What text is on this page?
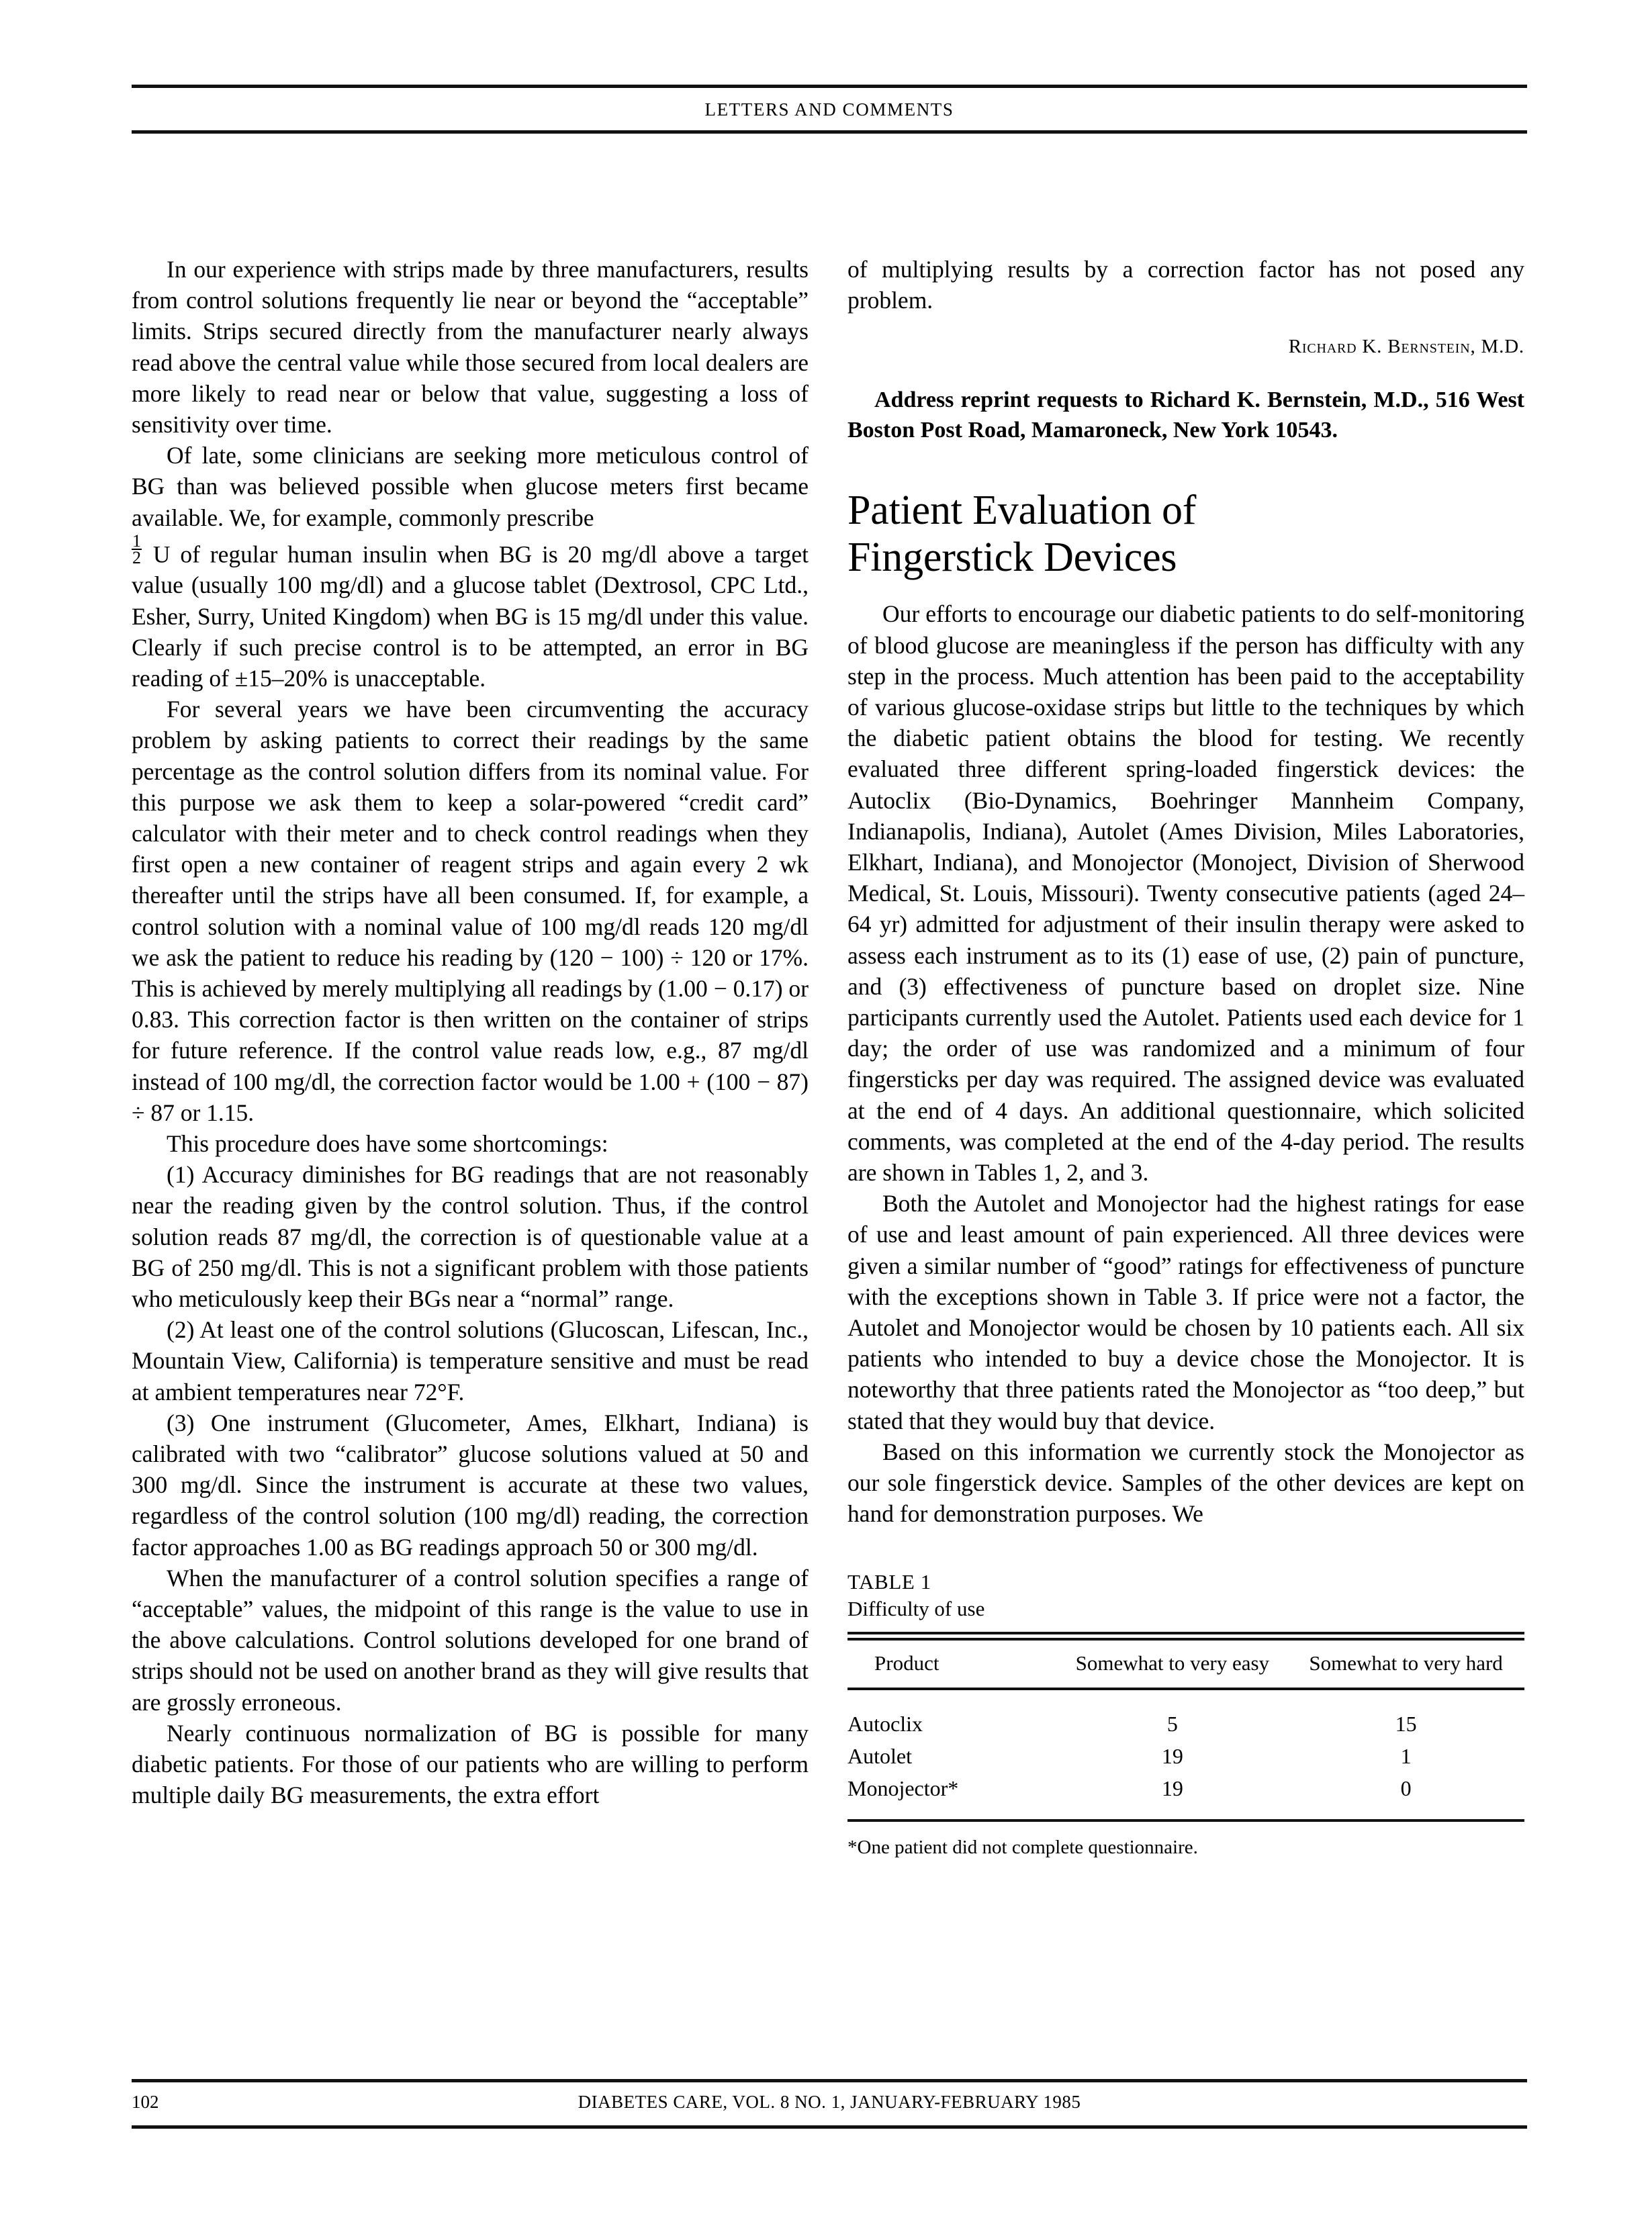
LETTERS AND COMMENTS

In our experience with strips made by three manufacturers, results from control solutions frequently lie near or beyond the “acceptable” limits. Strips secured directly from the manufacturer nearly always read above the central value while those secured from local dealers are more likely to read near or below that value, suggesting a loss of sensitivity over time.

Of late, some clinicians are seeking more meticulous control of BG than was believed possible when glucose meters first became available. We, for example, commonly prescribe

$\frac{1}{2}$ U of regular human insulin when BG is 20 mg/dl above a target value (usually 100 mg/dl) and a glucose tablet (Dextrosol, CPC Ltd., Esher, Surry, United Kingdom) when BG is 15 mg/dl under this value. Clearly if such precise control is to be attempted, an error in BG reading of ±15–20% is unacceptable.

For several years we have been circumventing the accuracy problem by asking patients to correct their readings by the same percentage as the control solution differs from its nominal value. For this purpose we ask them to keep a solar-powered “credit card” calculator with their meter and to check control readings when they first open a new container of reagent strips and again every 2 wk thereafter until the strips have all been consumed. If, for example, a control solution with a nominal value of 100 mg/dl reads 120 mg/dl we ask the patient to reduce his reading by (120 − 100) ÷ 120 or 17%. This is achieved by merely multiplying all readings by (1.00 − 0.17) or 0.83. This correction factor is then written on the container of strips for future reference. If the control value reads low, e.g., 87 mg/dl instead of 100 mg/dl, the correction factor would be 1.00 + (100 − 87) ÷ 87 or 1.15.

This procedure does have some shortcomings:

(1) Accuracy diminishes for BG readings that are not reasonably near the reading given by the control solution. Thus, if the control solution reads 87 mg/dl, the correction is of questionable value at a BG of 250 mg/dl. This is not a significant problem with those patients who meticulously keep their BGs near a “normal” range.

(2) At least one of the control solutions (Glucoscan, Lifescan, Inc., Mountain View, California) is temperature sensitive and must be read at ambient temperatures near 72°F.

(3) One instrument (Glucometer, Ames, Elkhart, Indiana) is calibrated with two “calibrator” glucose solutions valued at 50 and 300 mg/dl. Since the instrument is accurate at these two values, regardless of the control solution (100 mg/dl) reading, the correction factor approaches 1.00 as BG readings approach 50 or 300 mg/dl.

When the manufacturer of a control solution specifies a range of “acceptable” values, the midpoint of this range is the value to use in the above calculations. Control solutions developed for one brand of strips should not be used on another brand as they will give results that are grossly erroneous.

Nearly continuous normalization of BG is possible for many diabetic patients. For those of our patients who are willing to perform multiple daily BG measurements, the extra effort

of multiplying results by a correction factor has not posed any problem.

Richard K. Bernstein, M.D.

Address reprint requests to Richard K. Bernstein, M.D., 516 West Boston Post Road, Mamaroneck, New York 10543.

Patient Evaluation of
Fingerstick Devices

Our efforts to encourage our diabetic patients to do self-monitoring of blood glucose are meaningless if the person has difficulty with any step in the process. Much attention has been paid to the acceptability of various glucose-oxidase strips but little to the techniques by which the diabetic patient obtains the blood for testing. We recently evaluated three different spring-loaded fingerstick devices: the Autoclix (Bio-Dynamics, Boehringer Mannheim Company, Indianapolis, Indiana), Autolet (Ames Division, Miles Laboratories, Elkhart, Indiana), and Monojector (Monoject, Division of Sherwood Medical, St. Louis, Missouri). Twenty consecutive patients (aged 24–64 yr) admitted for adjustment of their insulin therapy were asked to assess each instrument as to its (1) ease of use, (2) pain of puncture, and (3) effectiveness of puncture based on droplet size. Nine participants currently used the Autolet. Patients used each device for 1 day; the order of use was randomized and a minimum of four fingersticks per day was required. The assigned device was evaluated at the end of 4 days. An additional questionnaire, which solicited comments, was completed at the end of the 4-day period. The results are shown in Tables 1, 2, and 3.

Both the Autolet and Monojector had the highest ratings for ease of use and least amount of pain experienced. All three devices were given a similar number of “good” ratings for effectiveness of puncture with the exceptions shown in Table 3. If price were not a factor, the Autolet and Monojector would be chosen by 10 patients each. All six patients who intended to buy a device chose the Monojector. It is noteworthy that three patients rated the Monojector as “too deep,” but stated that they would buy that device.

Based on this information we currently stock the Monojector as our sole fingerstick device. Samples of the other devices are kept on hand for demonstration purposes. We

TABLE 1
Difficulty of use
Product	Somewhat to very easy	Somewhat to very hard

Autoclix	5	15
Autolet	19	1
Monojector*	19	0

*One patient did not complete questionnaire.
102	DIABETES CARE, VOL. 8 NO. 1, JANUARY-FEBRUARY 1985
